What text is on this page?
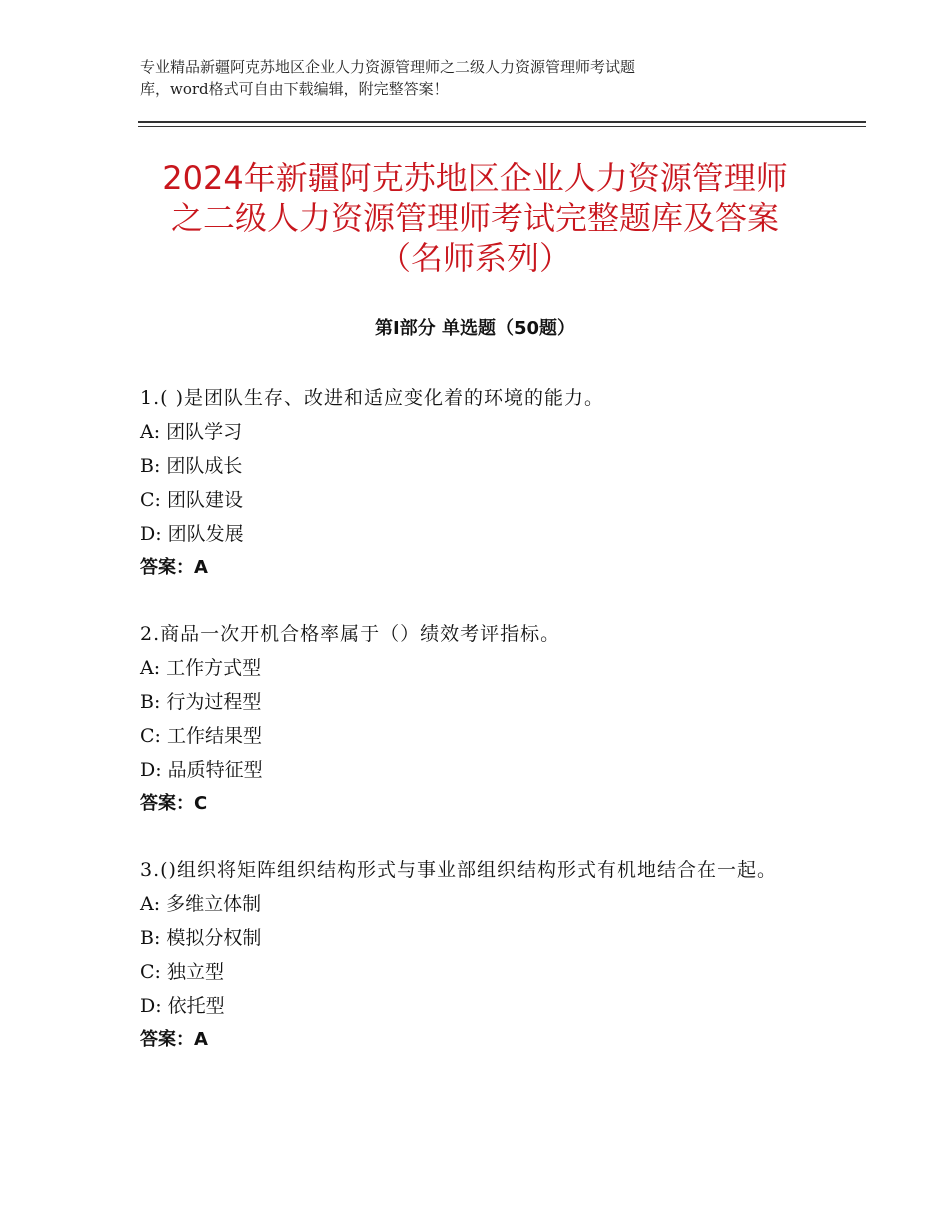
专业精品新疆阿克苏地区企业人力资源管理师之二级人力资源管理师考试题
库，word格式可自由下载编辑，附完整答案！
2024年新疆阿克苏地区企业人力资源管理师
之二级人力资源管理师考试完整题库及答案
（名师系列）
第Ⅰ部分 单选题（50题）
1.( )是团队生存、改进和适应变化着的环境的能力。
A: 团队学习
B: 团队成长
C: 团队建设
D: 团队发展
答案：A
2.商品一次开机合格率属于（）绩效考评指标。
A: 工作方式型
B: 行为过程型
C: 工作结果型
D: 品质特征型
答案：C
3.()组织将矩阵组织结构形式与事业部组织结构形式有机地结合在一起。
A: 多维立体制
B: 模拟分权制
C: 独立型
D: 依托型
答案：A
